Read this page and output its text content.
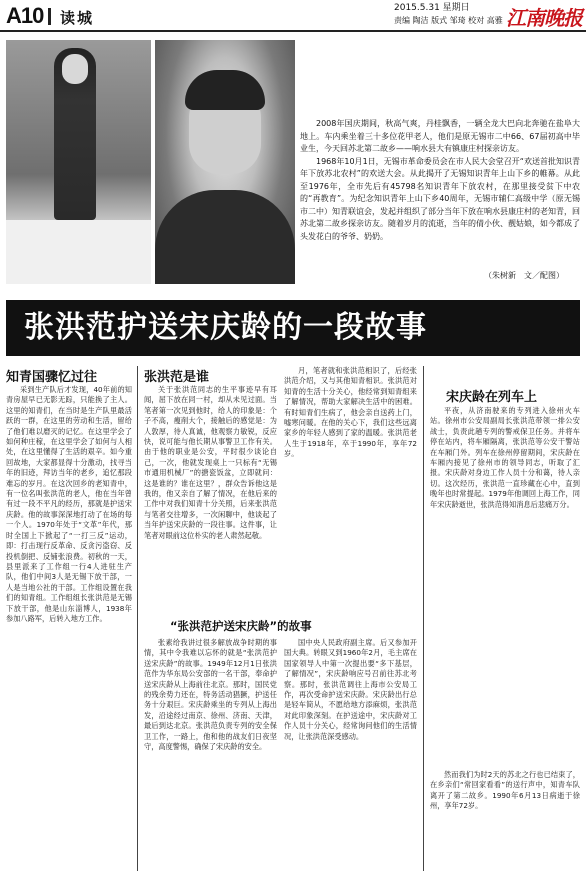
A10 读城
2015.5.31 星期日
责编 陶洁 版式 邹琦 校对 高雅 江南晚报

2008年国庆期间，秋高气爽，丹桂飘香，一辆全龙大巴向北奔驰在盐阜大地上。车内乘坐着三十多位花甲老人，他们是原无锡市二中66、67届初高中毕业生，今天回苏北第二故乡——响水县大有镇康庄村探亲访友。

1968年10月1日，无锡市革命委员会在市人民大会堂召开“欢送首批知识青年下放苏北农村”的欢送大会。从此揭开了无锡知识青年上山下乡的帷幕。从此至1976年，全市先后有45798名知识青年下放农村，在那里接受贫下中农的“再教育”。为纪念知识青年上山下乡40周年，无锡市辅仁高级中学（原无锡市二中）知青联谊会，发起并组织了部分当年下放在响水县康庄村的老知青，回苏北第二故乡探亲访友。随着岁月的流逝，当年的倩小伙、靓姑娘，如今都成了头发花白的爷爷、奶奶。

（朱树新　文／配图）
张洪范护送宋庆龄的一段故事
知青国骤忆过往

采到生产队后才发现，40年前的知青房屋早已无影无踪，只能换了主人。这里的知青们，在当时是生产队里最活跃的一群，在这里的劳动和生活，留给了他们难以磨灭的记忆。在这里学会了如何种庄稼，在这里学会了如何与人相处，在这里懂得了生活的艰辛。如今重回故地，大家都显得十分激动，找寻当年的旧迹，拜访当年的老乡，追忆那段难忘的岁月。在这次回乡的老知青中，有一位名叫张洪范的老人，他在当年曾有过一段不平凡的经历，那就是护送宋庆龄。他的故事深深地打动了在场的每一个人。1970年处于“文革”年代，那时全国上下掀起了“一打三反”运动，即：打击现行反革命、反贪污盗窃、反投机倒把、反铺张浪费。初秋的一天，县里派来了工作组一行4人进驻生产队，他们中间3人是无锡下放干部，一人是当地公社的干部。工作组设置在我们的知青组。工作组组长张洪范是无锡下放干部，他是山东淄博人，1938年参加八路军，后转入地方工作。

张洪范是谁

关于张洪范同志的生平事迹早有耳闻，屈下放在同一村，却从未见过面。当笔者第一次见到他时，给人的印象是：个子不高，瘦削大个，接触后的感觉是：为人敦厚，待人真诚，他观察力敏锐，反应快，说可能与他长期从事警卫工作有关。由于他的职业是公安，平时很少谈论自己，一次，他就发现桌上一只标有“无锡市通用机械厂”的搪瓷饭盆，立即就问：这是谁的？谁在这里？，群众告诉他这是我的，他又亲自了解了情况，在他后来的工作中对我们知青十分关照，后来张洪范与笔者交往增多，一次闲聊中，他谈起了当年护送宋庆龄的一段往事。这件事，让笔者对眼前这位朴实的老人肃然起敬。

月，笔者就和张洪范相识了，后经张洪范介绍，又与其他知青相识。张洪范对知青的生活十分关心，他经常到知青组来了解情况，帮助大家解决生活中的困难。有时知青们生病了，他会亲自送药上门，嘘寒问暖。在他的关心下，我们这些远离家乡的年轻人感到了家的温暖。张洪范老人生于1918年，卒于1990年，享年72岁。

“张洪范护送宋庆龄”的故事

张素给我讲过很多解放战争时期的事情，其中令我难以忘怀的就是“张洪范护送宋庆龄”的故事。1949年12月1日张洪范作为华东局公安部的一名干部，奉命护送宋庆龄从上海前往北京。那时，国民党的残余势力还在，特务活动猖獗，护送任务十分艰巨。宋庆龄乘坐的专列从上海出发，沿途经过南京、徐州、济南、天津，最后到达北京。张洪范负责专列的安全保卫工作，一路上，他和他的战友们日夜坚守，高度警惕，确保了宋庆龄的安全。

国中央人民政府副主席。后又参加开国大典。转眼又到1960年2月，毛主席在国家领导人中第一次提出要“多下基层，了解情况”，宋庆龄响应号召前往苏北考察。那时，张洪范调往上海市公安局工作，再次受命护送宋庆龄。宋庆龄出行总是轻车简从，不愿给地方添麻烦，张洪范对此印象深刻。在护送途中，宋庆龄对工作人员十分关心，经常询问他们的生活情况，让张洪范深受感动。

宋庆龄在列车上

平夜，从济南驶来的专列进入徐州火车站。徐州市公安局副局长张洪范带领一排公安战士，负责此趟专列的警戒保卫任务。并将车停在站内，将车厢隔离，张洪范等公安干警站在车厢门外。列车在徐州停留期间，宋庆龄在车厢内接见了徐州市的领导同志，听取了汇报。宋庆龄对身边工作人员十分和蔼，待人亲切。这次经历，张洪范一直珍藏在心中，直到晚年也时常提起。1979年他调回上海工作，同年宋庆龄逝世，张洪范得知消息后悲痛万分。

然而我们为时2天的苏北之行也已结束了，在乡亲们“常回家看看”的送行声中，知青车队离开了第二故乡。1990年6月13日病逝于徐州，享年72岁。
